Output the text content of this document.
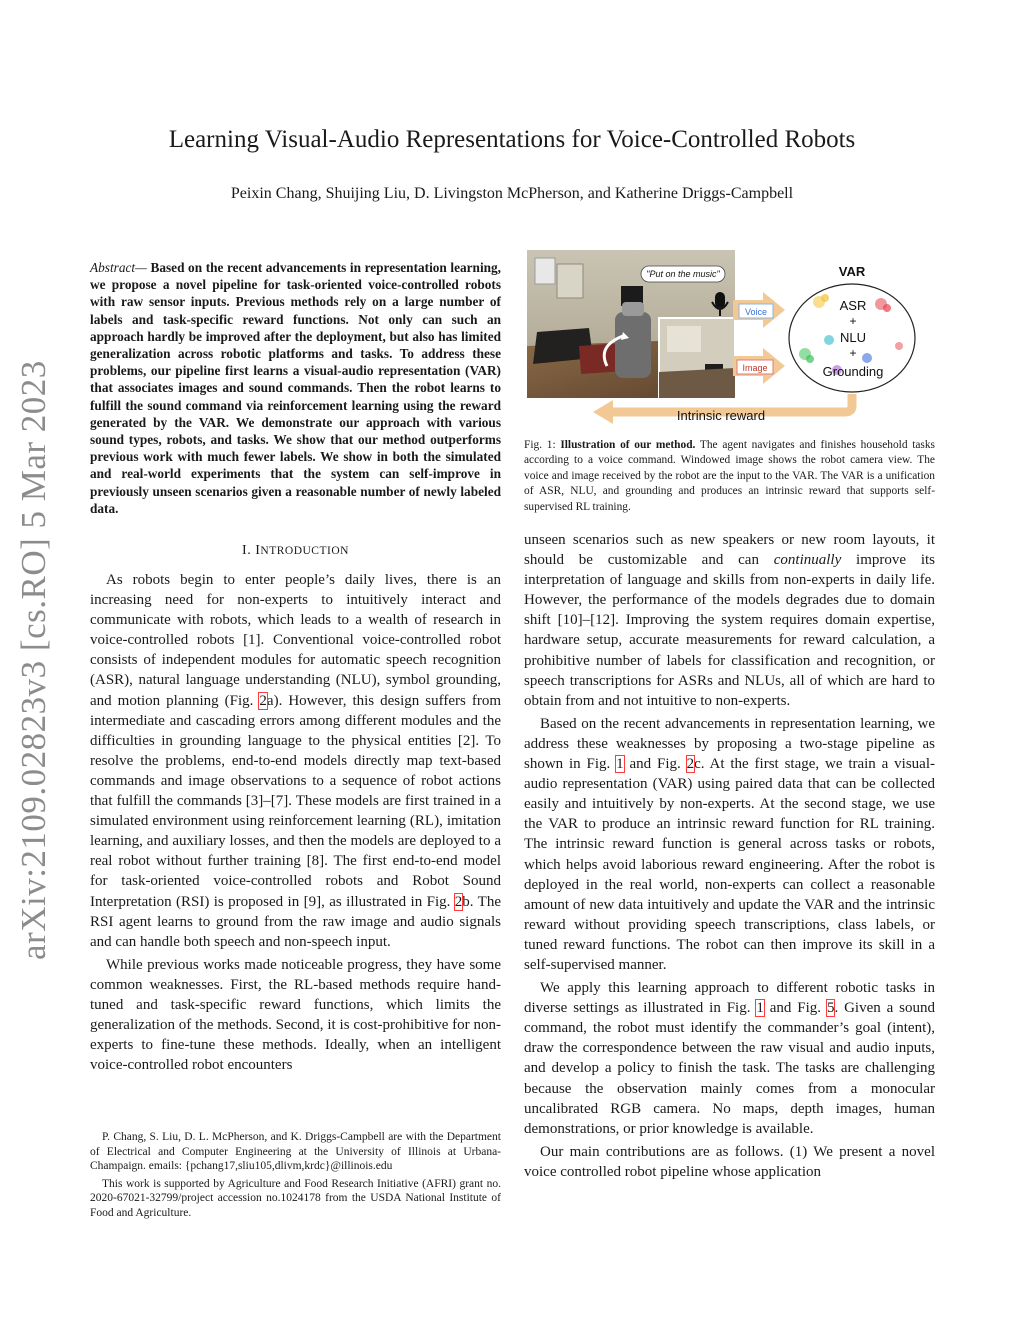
arXiv:2109.02823v3 [cs.RO] 5 Mar 2023
Learning Visual-Audio Representations for Voice-Controlled Robots
Peixin Chang, Shuijing Liu, D. Livingston McPherson, and Katherine Driggs-Campbell
Abstract— Based on the recent advancements in representation learning, we propose a novel pipeline for task-oriented voice-controlled robots with raw sensor inputs. Previous methods rely on a large number of labels and task-specific reward functions. Not only can such an approach hardly be improved after the deployment, but also has limited generalization across robotic platforms and tasks. To address these problems, our pipeline first learns a visual-audio representation (VAR) that associates images and sound commands. Then the robot learns to fulfill the sound command via reinforcement learning using the reward generated by the VAR. We demonstrate our approach with various sound types, robots, and tasks. We show that our method outperforms previous work with much fewer labels. We show in both the simulated and real-world experiments that the system can self-improve in previously unseen scenarios given a reasonable number of newly labeled data.
I. INTRODUCTION

As robots begin to enter people’s daily lives, there is an increasing need for non-experts to intuitively interact and communicate with robots, which leads to a wealth of research in voice-controlled robots [1]. Conventional voice-controlled robot consists of independent modules for automatic speech recognition (ASR), natural language understanding (NLU), symbol grounding, and motion planning (Fig. 2a). However, this design suffers from intermediate and cascading errors among different modules and the difficulties in grounding language to the physical entities [2]. To resolve the problems, end-to-end models directly map text-based commands and image observations to a sequence of robot actions that fulfill the commands [3]–[7]. These models are first trained in a simulated environment using reinforcement learning (RL), imitation learning, and auxiliary losses, and then the models are deployed to a real robot without further training [8]. The first end-to-end model for task-oriented voice-controlled robots and Robot Sound Interpretation (RSI) is proposed in [9], as illustrated in Fig. 2b. The RSI agent learns to ground from the raw image and audio signals and can handle both speech and non-speech input.

While previous works made noticeable progress, they have some common weaknesses. First, the RL-based methods require hand-tuned and task-specific reward functions, which limits the generalization of the methods. Second, it is cost-prohibitive for non-experts to fine-tune these methods. Ideally, when an intelligent voice-controlled robot encounters

P. Chang, S. Liu, D. L. McPherson, and K. Driggs-Campbell are with the Department of Electrical and Computer Engineering at the University of Illinois at Urbana-Champaign. emails: {pchang17,sliu105,dlivm,krdc}@illinois.edu

This work is supported by Agriculture and Food Research Initiative (AFRI) grant no. 2020-67021-32799/project accession no.1024178 from the USDA National Institute of Food and Agriculture.

"Put on the music"
Voice
Image
VAR
ASR
+
NLU
+
Grounding
Intrinsic reward
Fig. 1: Illustration of our method. The agent navigates and finishes household tasks according to a voice command. Windowed image shows the robot camera view. The voice and image received by the robot are the input to the VAR. The VAR is a unification of ASR, NLU, and grounding and produces an intrinsic reward that supports self-supervised RL training.

unseen scenarios such as new speakers or new room layouts, it should be customizable and can continually improve its interpretation of language and skills from non-experts in daily life. However, the performance of the models degrades due to domain shift [10]–[12]. Improving the system requires domain expertise, hardware setup, accurate measurements for reward calculation, a prohibitive number of labels for classification and recognition, or speech transcriptions for ASRs and NLUs, all of which are hard to obtain from and not intuitive to non-experts.

Based on the recent advancements in representation learning, we address these weaknesses by proposing a two-stage pipeline as shown in Fig. 1 and Fig. 2c. At the first stage, we train a visual-audio representation (VAR) using paired data that can be collected easily and intuitively by non-experts. At the second stage, we use the VAR to produce an intrinsic reward function for RL training. The intrinsic reward function is general across tasks or robots, which helps avoid laborious reward engineering. After the robot is deployed in the real world, non-experts can collect a reasonable amount of new data intuitively and update the VAR and the intrinsic reward without providing speech transcriptions, class labels, or tuned reward functions. The robot can then improve its skill in a self-supervised manner.

We apply this learning approach to different robotic tasks in diverse settings as illustrated in Fig. 1 and Fig. 5. Given a sound command, the robot must identify the commander’s goal (intent), draw the correspondence between the raw visual and audio inputs, and develop a policy to finish the task. The tasks are challenging because the observation mainly comes from a monocular uncalibrated RGB camera. No maps, depth images, human demonstrations, or prior knowledge is available.

Our main contributions are as follows. (1) We present a novel voice controlled robot pipeline whose application
